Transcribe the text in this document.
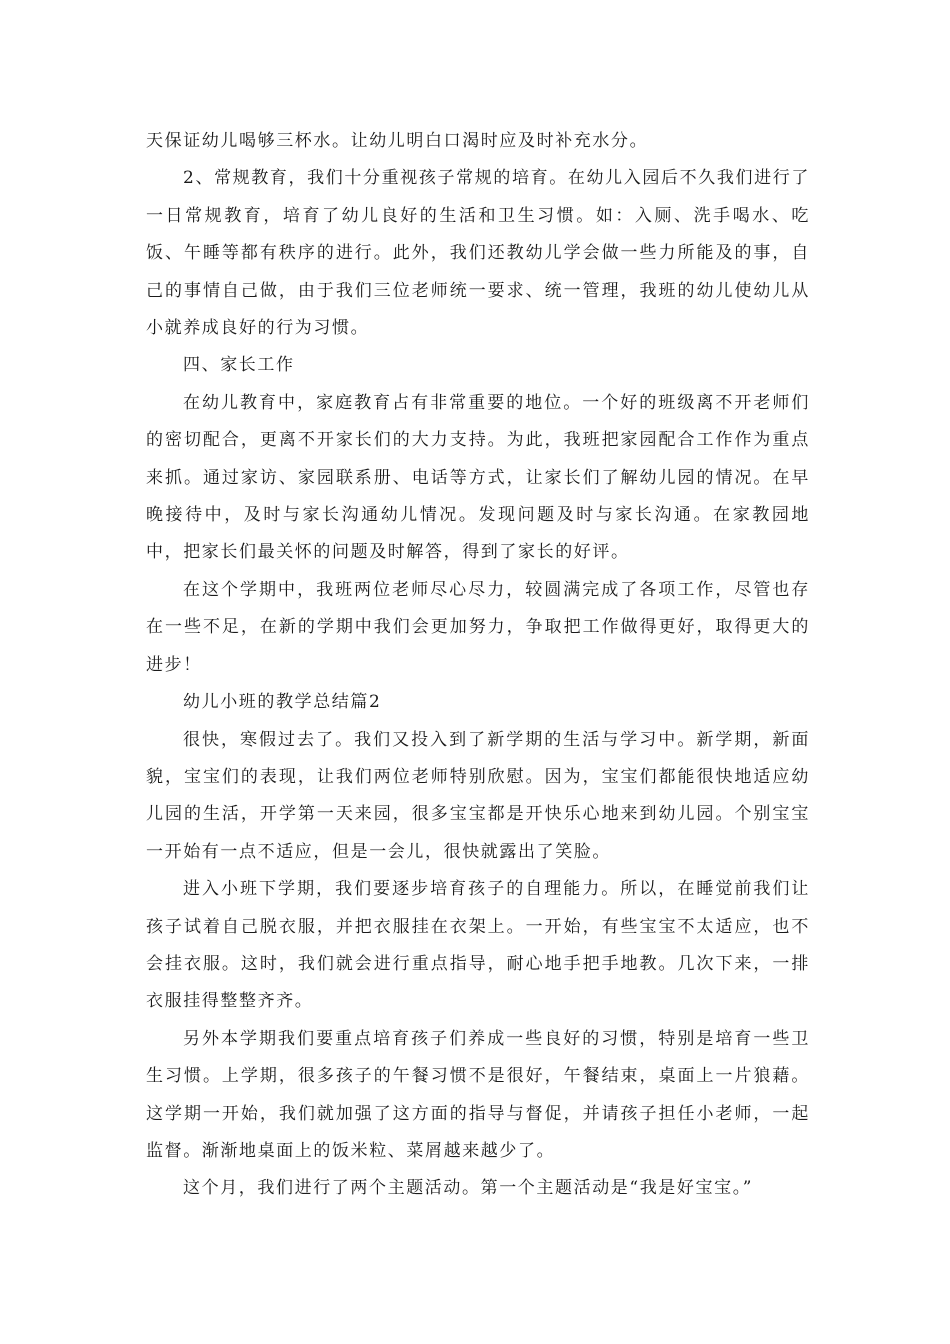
天保证幼儿喝够三杯水。让幼儿明白口渴时应及时补充水分。

2、常规教育，我们十分重视孩子常规的培育。在幼儿入园后不久我们进行了一日常规教育，培育了幼儿良好的生活和卫生习惯。如：入厕、洗手喝水、吃饭、午睡等都有秩序的进行。此外，我们还教幼儿学会做一些力所能及的事，自己的事情自己做，由于我们三位老师统一要求、统一管理，我班的幼儿使幼儿从小就养成良好的行为习惯。

四、家长工作

在幼儿教育中，家庭教育占有非常重要的地位。一个好的班级离不开老师们的密切配合，更离不开家长们的大力支持。为此，我班把家园配合工作作为重点来抓。通过家访、家园联系册、电话等方式，让家长们了解幼儿园的情况。在早晚接待中，及时与家长沟通幼儿情况。发现问题及时与家长沟通。在家教园地中，把家长们最关怀的问题及时解答，得到了家长的好评。

在这个学期中，我班两位老师尽心尽力，较圆满完成了各项工作，尽管也存在一些不足，在新的学期中我们会更加努力，争取把工作做得更好，取得更大的进步！

幼儿小班的教学总结篇2

很快，寒假过去了。我们又投入到了新学期的生活与学习中。新学期，新面貌，宝宝们的表现，让我们两位老师特别欣慰。因为，宝宝们都能很快地适应幼儿园的生活，开学第一天来园，很多宝宝都是开快乐心地来到幼儿园。个别宝宝一开始有一点不适应，但是一会儿，很快就露出了笑脸。

进入小班下学期，我们要逐步培育孩子的自理能力。所以，在睡觉前我们让孩子试着自己脱衣服，并把衣服挂在衣架上。一开始，有些宝宝不太适应，也不会挂衣服。这时，我们就会进行重点指导，耐心地手把手地教。几次下来，一排衣服挂得整整齐齐。

另外本学期我们要重点培育孩子们养成一些良好的习惯，特别是培育一些卫生习惯。上学期，很多孩子的午餐习惯不是很好，午餐结束，桌面上一片狼藉。这学期一开始，我们就加强了这方面的指导与督促，并请孩子担任小老师，一起监督。渐渐地桌面上的饭米粒、菜屑越来越少了。

这个月，我们进行了两个主题活动。第一个主题活动是“我是好宝宝。”
